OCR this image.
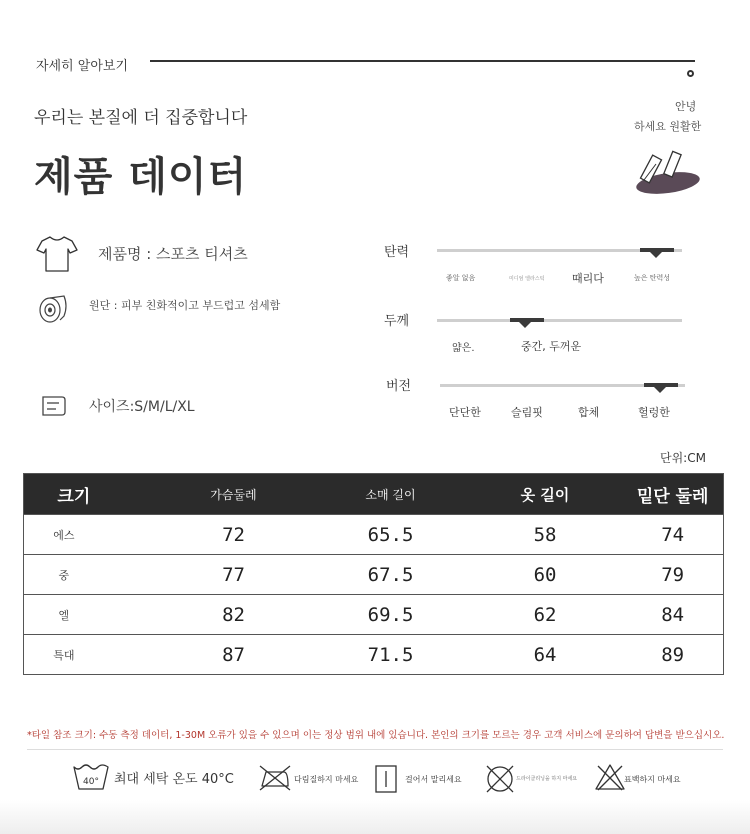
자세히 알아보기
우리는 본질에 더 집중합니다
제품 데이터
안녕
하세요 원활한
제품명 : 스포츠 티셔츠
원단 : 피부 친화적이고 부드럽고 섬세함
사이즈:S/M/L/XL
탄력
좋알 없음	미디엄 엘라스틱	때리다	높은 탄력성
두께
얇은.	중간, 두꺼운
버전
단단한	슬림핏	합체	헐렁한
단위:CM
크기	가슴둘레	소매 길이	옷 길이	밑단 둘레
에스	72	65.5	58	74
중	77	67.5	60	79
엘	82	69.5	62	84
특대	87	71.5	64	89
*타일 참조 크기: 수동 측정 데이터, 1-30M 오류가 있을 수 있으며 이는 정상 범위 내에 있습니다. 본인의 크기를 모르는 경우 고객 서비스에 문의하여 답변을 받으십시오.
40° 최대 세탁 온도 40°C	다림질하지 마세요	걸어서 말리세요	드라이클리닝을 하지 마세요	표백하지 마세요
